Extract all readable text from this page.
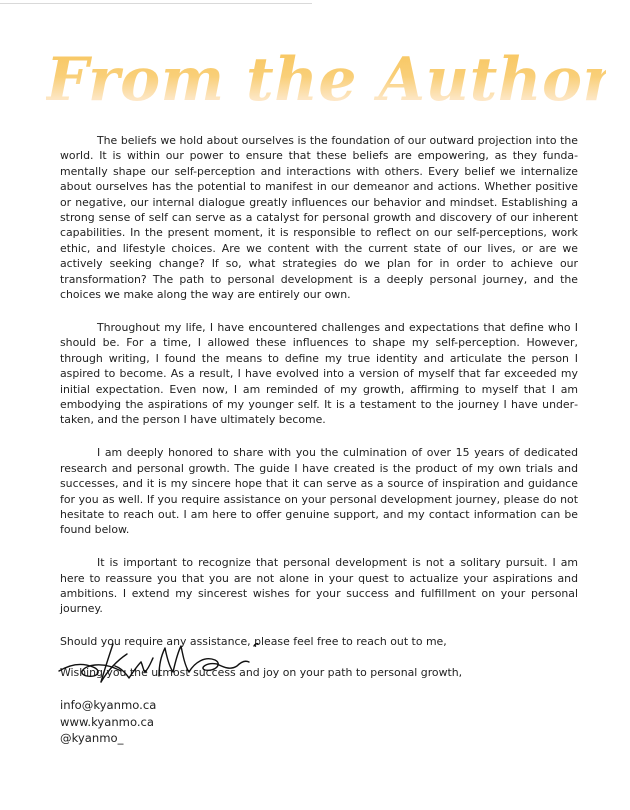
From the Author

The beliefs we hold about ourselves is the foundation of our outward projection into the world. It is within our power to ensure that these beliefs are empowering, as they fundamentally shape our self-perception and interactions with others. Every belief we internalize about ourselves has the potential to manifest in our demeanor and actions. Whether positive or negative, our internal dialogue greatly influences our behavior and mindset. Establishing a strong sense of self can serve as a catalyst for personal growth and discovery of our inherent capabilities. In the present moment, it is responsible to reflect on our self-perceptions, work ethic, and lifestyle choices. Are we content with the current state of our lives, or are we actively seeking change? If so, what strategies do we plan for in order to achieve our transformation? The path to personal development is a deeply personal journey, and the choices we make along the way are entirely our own.

Throughout my life, I have encountered challenges and expectations that define who I should be. For a time, I allowed these influences to shape my self-perception. However, through writing, I found the means to define my true identity and articulate the person I aspired to become. As a result, I have evolved into a version of myself that far exceeded my initial expectation. Even now, I am reminded of my growth, affirming to myself that I am embodying the aspirations of my younger self. It is a testament to the journey I have undertaken, and the person I have ultimately become.

I am deeply honored to share with you the culmination of over 15 years of dedicated research and personal growth. The guide I have created is the product of my own trials and successes, and it is my sincere hope that it can serve as a source of inspiration and guidance for you as well. If you require assistance on your personal development journey, please do not hesitate to reach out. I am here to offer genuine support, and my contact information can be found below.

It is important to recognize that personal development is not a solitary pursuit. I am here to reassure you that you are not alone in your quest to actualize your aspirations and ambitions. I extend my sincerest wishes for your success and fulfillment on your personal journey.

Should you require any assistance, please feel free to reach out to me,

Wishing you the utmost success and joy on your path to personal growth,

info@kyanmo.ca
www.kyanmo.ca
@kyanmo_
